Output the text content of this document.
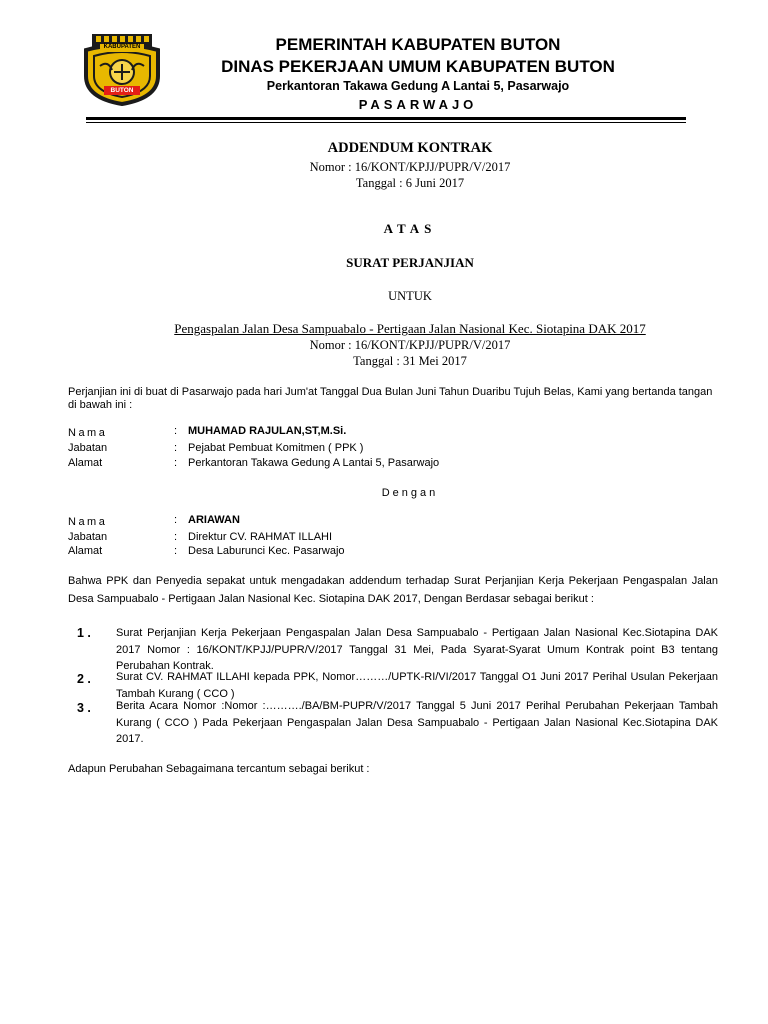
KABUPATEN
BUTON
PEMERINTAH KABUPATEN BUTON
DINAS PEKERJAAN UMUM KABUPATEN BUTON
Perkantoran Takawa Gedung A Lantai 5, Pasarwajo
PASARWAJO
ADDENDUM KONTRAK
Nomor : 16/KONT/KPJJ/PUPR/V/2017
Tanggal : 6 Juni 2017
ATAS
SURAT PERJANJIAN
UNTUK
Pengaspalan Jalan Desa Sampuabalo - Pertigaan Jalan Nasional Kec. Siotapina DAK 2017
Nomor : 16/KONT/KPJJ/PUPR/V/2017
Tanggal : 31 Mei 2017
Perjanjian ini di buat di Pasarwajo pada hari Jum'at Tanggal Dua Bulan Juni Tahun Duaribu Tujuh Belas, Kami yang bertanda tangan di bawah ini :
Nama	: MUHAMAD RAJULAN,ST,M.Si.
Jabatan	: Pejabat Pembuat Komitmen ( PPK )
Alamat	: Perkantoran Takawa Gedung A Lantai 5, Pasarwajo
Dengan
Nama	: ARIAWAN
Jabatan	: Direktur CV. RAHMAT ILLAHI
Alamat	: Desa Laburunci Kec. Pasarwajo
Bahwa PPK dan Penyedia sepakat untuk mengadakan addendum terhadap Surat Perjanjian Kerja Pekerjaan Pengaspalan Jalan Desa Sampuabalo - Pertigaan Jalan Nasional Kec. Siotapina DAK 2017, Dengan Berdasar sebagai berikut :
1 . Surat Perjanjian Kerja Pekerjaan Pengaspalan Jalan Desa Sampuabalo - Pertigaan Jalan Nasional Kec.Siotapina DAK 2017 Nomor : 16/KONT/KPJJ/PUPR/V/2017 Tanggal 31 Mei, Pada Syarat-Syarat Umum Kontrak point B3 tentang Perubahan Kontrak.
2 . Surat CV. RAHMAT ILLAHI kepada PPK, Nomor………/UPTK-RI/VI/2017 Tanggal O1 Juni 2017 Perihal Usulan Pekerjaan Tambah Kurang ( CCO )
3 . Berita Acara Nomor :Nomor :………./BA/BM-PUPR/V/2017 Tanggal 5 Juni 2017 Perihal Perubahan Pekerjaan Tambah Kurang ( CCO ) Pada Pekerjaan Pengaspalan Jalan Desa Sampuabalo - Pertigaan Jalan Nasional Kec.Siotapina DAK 2017.
Adapun Perubahan Sebagaimana tercantum sebagai berikut :
